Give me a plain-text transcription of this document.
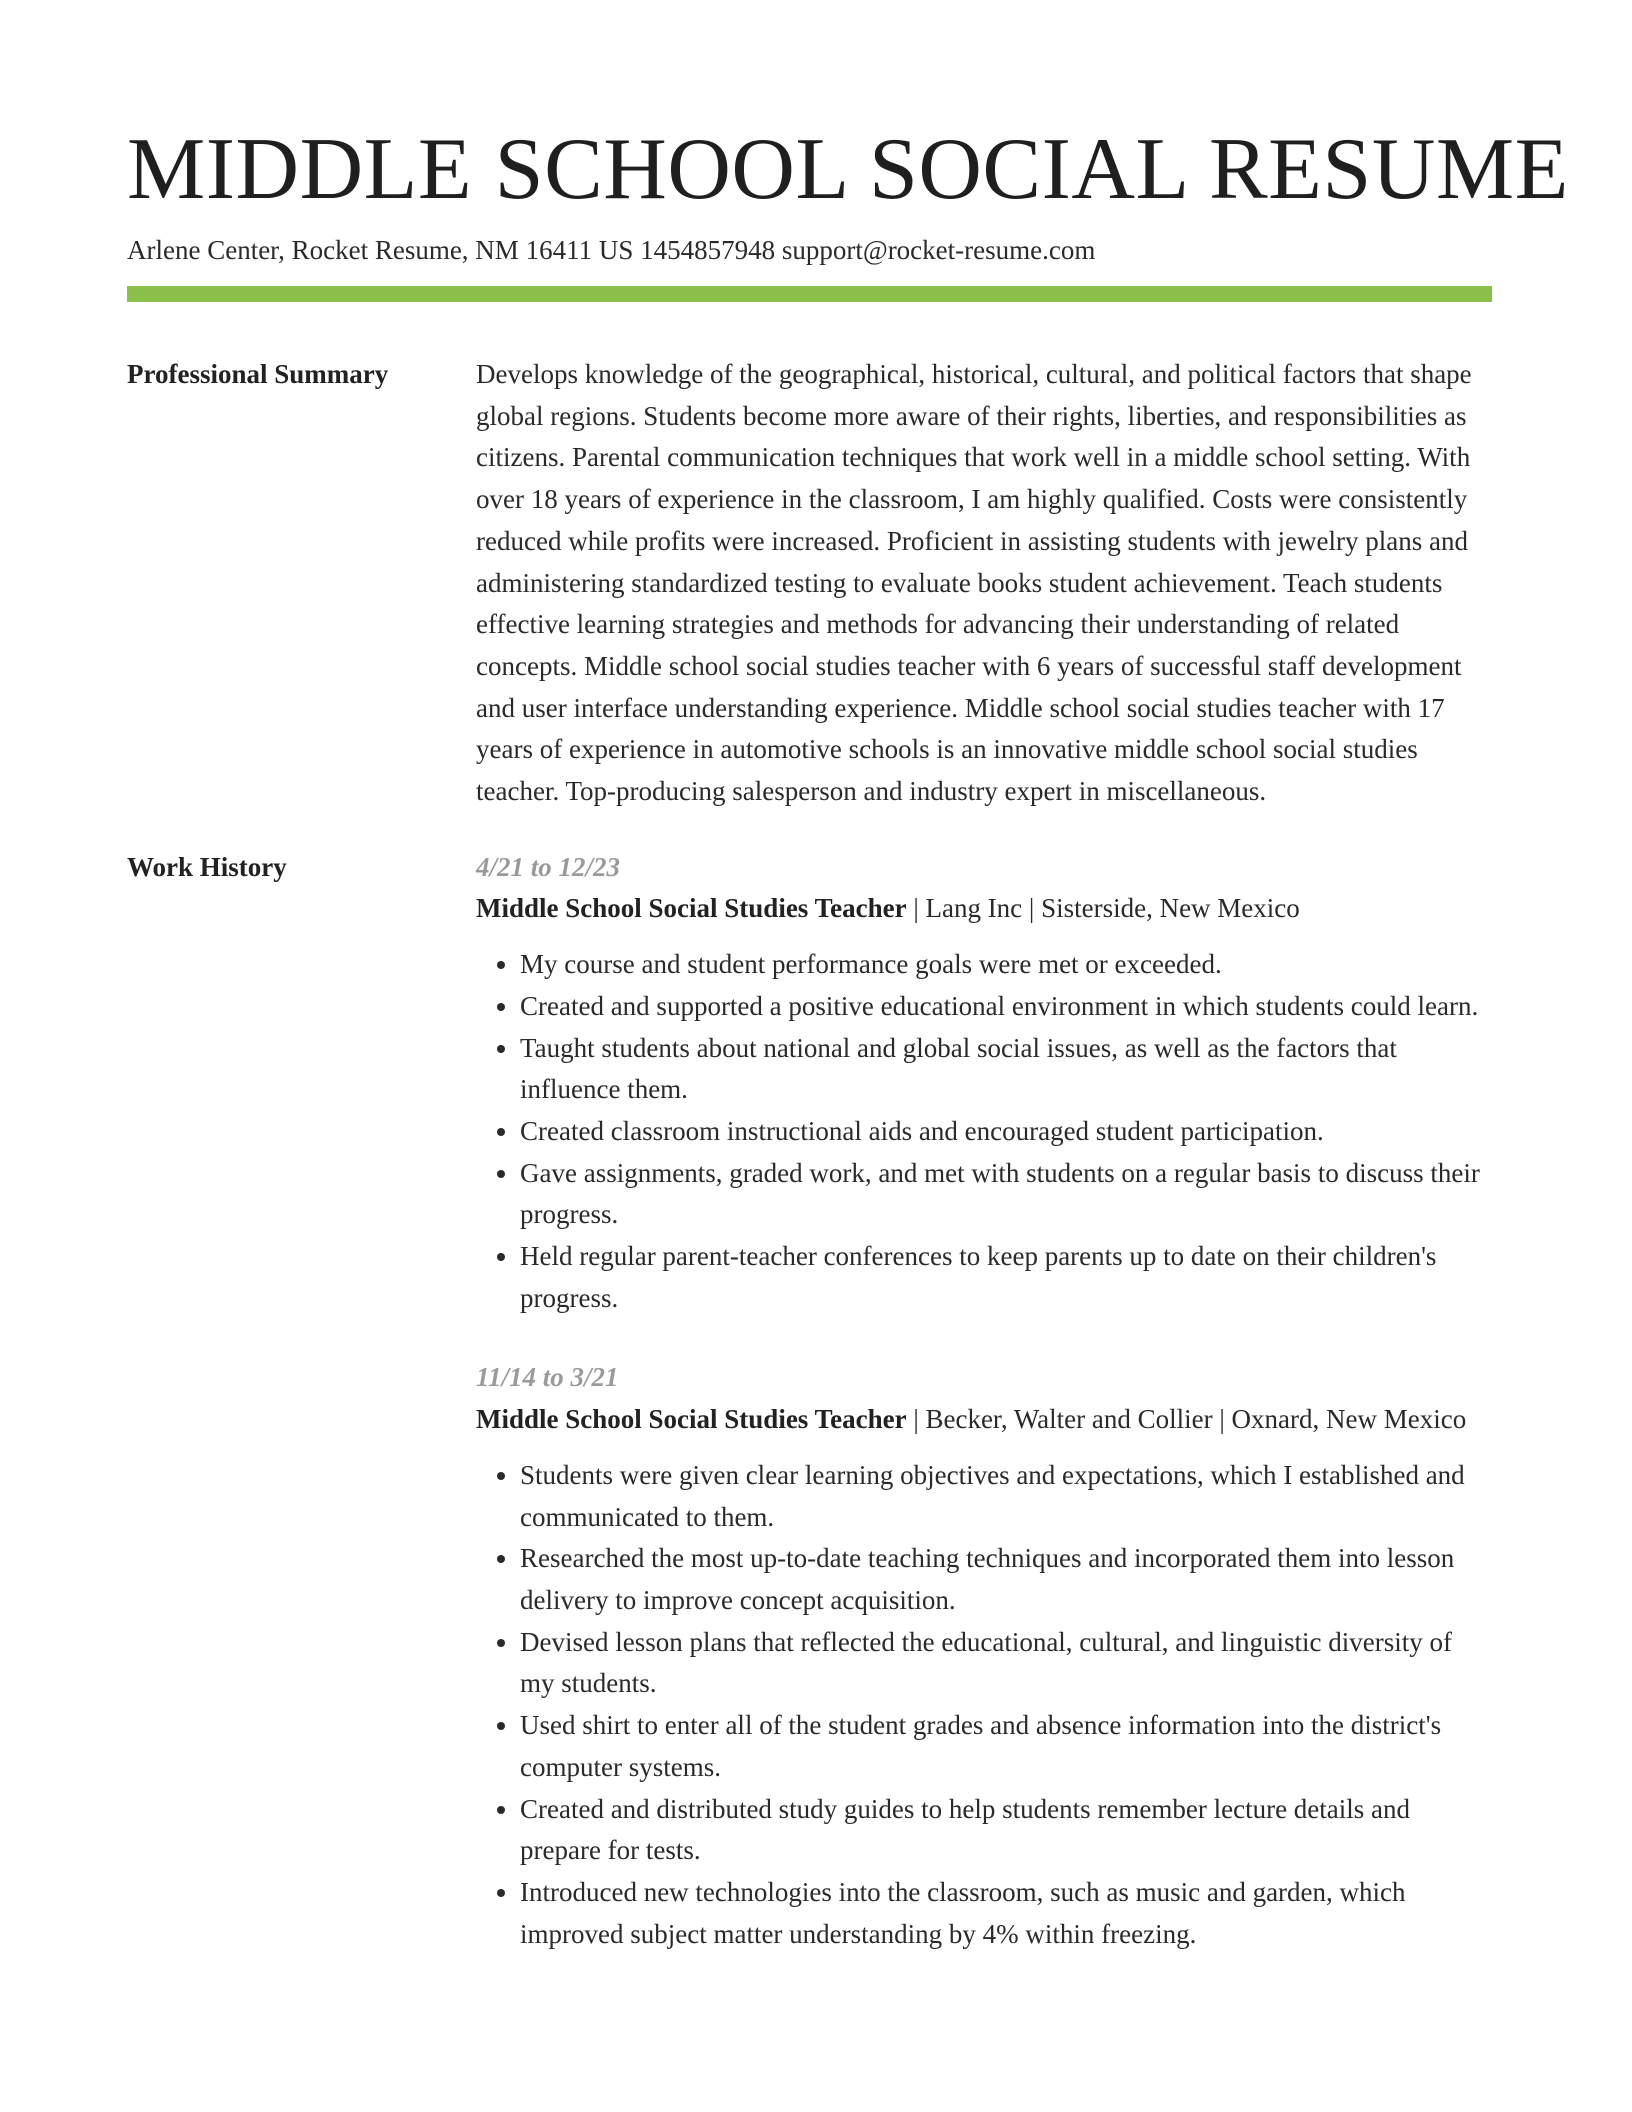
MIDDLE SCHOOL SOCIAL RESUME
Arlene Center, Rocket Resume, NM 16411 US 1454857948 support@rocket-resume.com
Professional Summary	Develops knowledge of the geographical, historical, cultural, and political factors that shape global regions. Students become more aware of their rights, liberties, and responsibilities as citizens. Parental communication techniques that work well in a middle school setting. With over 18 years of experience in the classroom, I am highly qualified. Costs were consistently reduced while profits were increased. Proficient in assisting students with jewelry plans and administering standardized testing to evaluate books student achievement. Teach students effective learning strategies and methods for advancing their understanding of related concepts. Middle school social studies teacher with 6 years of successful staff development and user interface understanding experience. Middle school social studies teacher with 17 years of experience in automotive schools is an innovative middle school social studies teacher. Top-producing salesperson and industry expert in miscellaneous.

Work History	4/21 to 12/23
Middle School Social Studies Teacher | Lang Inc | Sisterside, New Mexico
• My course and student performance goals were met or exceeded.
• Created and supported a positive educational environment in which students could learn.
• Taught students about national and global social issues, as well as the factors that influence them.
• Created classroom instructional aids and encouraged student participation.
• Gave assignments, graded work, and met with students on a regular basis to discuss their progress.
• Held regular parent-teacher conferences to keep parents up to date on their children's progress.
11/14 to 3/21
Middle School Social Studies Teacher | Becker, Walter and Collier | Oxnard, New Mexico
• Students were given clear learning objectives and expectations, which I established and communicated to them.
• Researched the most up-to-date teaching techniques and incorporated them into lesson delivery to improve concept acquisition.
• Devised lesson plans that reflected the educational, cultural, and linguistic diversity of my students.
• Used shirt to enter all of the student grades and absence information into the district's computer systems.
• Created and distributed study guides to help students remember lecture details and prepare for tests.
• Introduced new technologies into the classroom, such as music and garden, which improved subject matter understanding by 4% within freezing.
